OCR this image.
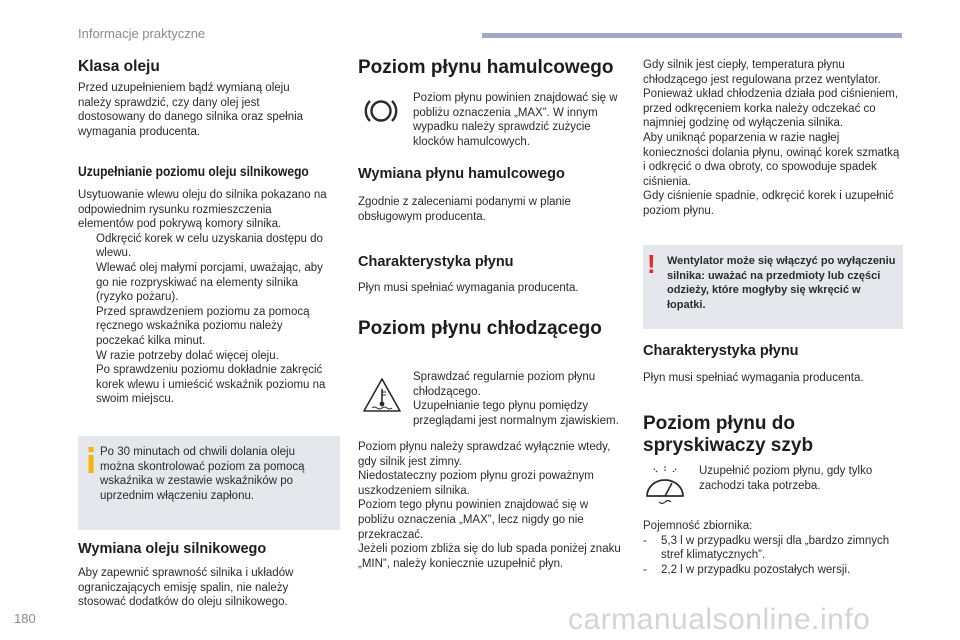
Informacje praktyczne
Klasa oleju
Przed uzupełnieniem bądź wymianą oleju należy sprawdzić, czy dany olej jest dostosowany do danego silnika oraz spełnia wymagania producenta.
Uzupełnianie poziomu oleju silnikowego

Usytuowanie wlewu oleju do silnika pokazano na odpowiednim rysunku rozmieszczenia elementów pod pokrywą komory silnika.

Odkręcić korek w celu uzyskania dostępu do wlewu.
Wlewać olej małymi porcjami, uważając, aby go nie rozpryskiwać na elementy silnika (ryzyko pożaru).
Przed sprawdzeniem poziomu za pomocą ręcznego wskaźnika poziomu należy poczekać kilka minut.
W razie potrzeby dolać więcej oleju.
Po sprawdzeniu poziomu dokładnie zakręcić korek wlewu i umieścić wskaźnik poziomu na swoim miejscu.
Po 30 minutach od chwili dolania oleju można skontrolować poziom za pomocą wskaźnika w zestawie wskaźników po uprzednim włączeniu zapłonu.
Wymiana oleju silnikowego
Aby zapewnić sprawność silnika i układów ograniczających emisję spalin, nie należy stosować dodatków do oleju silnikowego.
Poziom płynu hamulcowego
Poziom płynu powinien znajdować się w pobliżu oznaczenia „MAX”. W innym wypadku należy sprawdzić zużycie klocków hamulcowych.
Wymiana płynu hamulcowego
Zgodnie z zaleceniami podanymi w planie obsługowym producenta.
Charakterystyka płynu
Płyn musi spełniać wymagania producenta.
Poziom płynu chłodzącego
Sprawdzać regularnie poziom płynu chłodzącego.
Uzupełnianie tego płynu pomiędzy przeglądami jest normalnym zjawiskiem.
Poziom płynu należy sprawdzać wyłącznie wtedy, gdy silnik jest zimny.
Niedostateczny poziom płynu grozi poważnym uszkodzeniem silnika.
Poziom tego płynu powinien znajdować się w pobliżu oznaczenia „MAX”, lecz nigdy go nie przekraczać.
Jeżeli poziom zbliża się do lub spada poniżej znaku „MIN”, należy koniecznie uzupełnić płyn.
Gdy silnik jest ciepły, temperatura płynu chłodzącego jest regulowana przez wentylator. Ponieważ układ chłodzenia działa pod ciśnieniem, przed odkręceniem korka należy odczekać co najmniej godzinę od wyłączenia silnika.
Aby uniknąć poparzenia w razie nagłej konieczności dolania płynu, owinąć korek szmatką i odkręcić o dwa obroty, co spowoduje spadek ciśnienia.
Gdy ciśnienie spadnie, odkręcić korek i uzupełnić poziom płynu.
! Wentylator może się włączyć po wyłączeniu silnika: uważać na przedmioty lub części odzieży, które mogłyby się wkręcić w łopatki.
Charakterystyka płynu
Płyn musi spełniać wymagania producenta.
Poziom płynu do spryskiwaczy szyb
Uzupełnić poziom płynu, gdy tylko zachodzi taka potrzeba.

Pojemność zbiornika:

- 5,3 l w przypadku wersji dla „bardzo zimnych stref klimatycznych”.
- 2,2 l w przypadku pozostałych wersji.
180	carmanualsonline.info
